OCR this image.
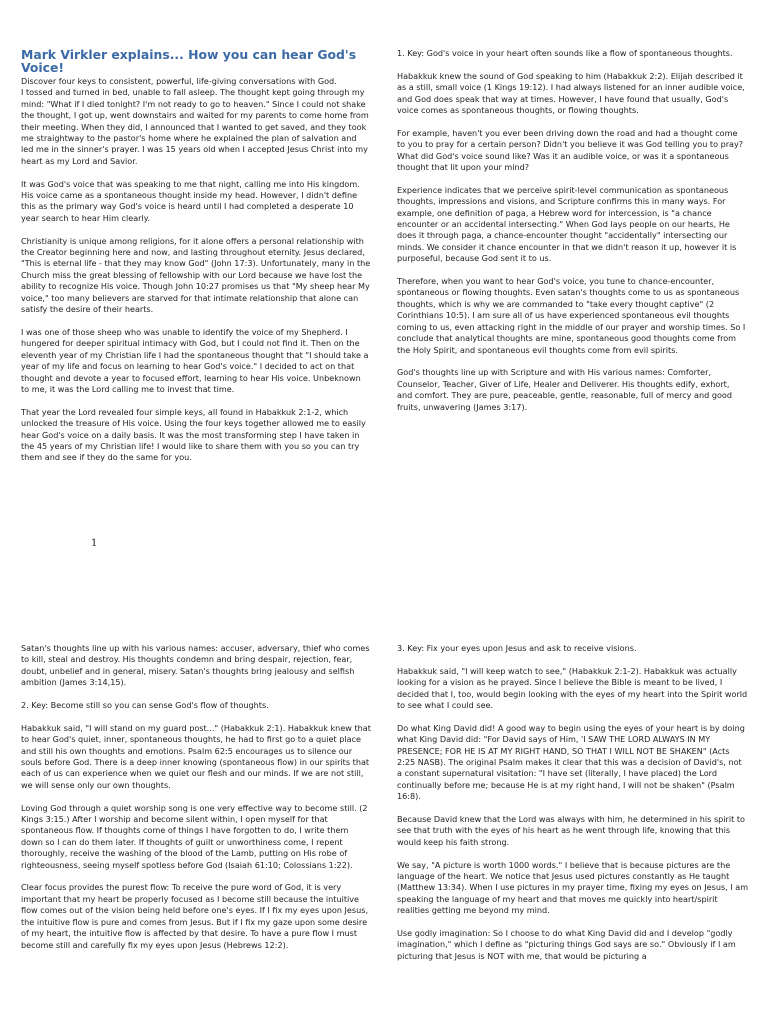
Mark Virkler explains... How you can hear God's Voice!

Discover four keys to consistent, powerful, life-giving conversations with God.
I tossed and turned in bed, unable to fall asleep. The thought kept going through my mind: "What if I died tonight? I'm not ready to go to heaven." Since I could not shake the thought, I got up, went downstairs and waited for my parents to come home from their meeting. When they did, I announced that I wanted to get saved, and they took me straightway to the pastor's home where he explained the plan of salvation and led me in the sinner's prayer. I was 15 years old when I accepted Jesus Christ into my heart as my Lord and Savior.

It was God's voice that was speaking to me that night, calling me into His kingdom. His voice came as a spontaneous thought inside my head. However, I didn't define this as the primary way God's voice is heard until I had completed a desperate 10 year search to hear Him clearly.

Christianity is unique among religions, for it alone offers a personal relationship with the Creator beginning here and now, and lasting throughout eternity. Jesus declared, "This is eternal life - that they may know God" (John 17:3). Unfortunately, many in the Church miss the great blessing of fellowship with our Lord because we have lost the ability to recognize His voice. Though John 10:27 promises us that "My sheep hear My voice," too many believers are starved for that intimate relationship that alone can satisfy the desire of their hearts.

I was one of those sheep who was unable to identify the voice of my Shepherd. I hungered for deeper spiritual intimacy with God, but I could not find it. Then on the eleventh year of my Christian life I had the spontaneous thought that "I should take a year of my life and focus on learning to hear God's voice." I decided to act on that thought and devote a year to focused effort, learning to hear His voice. Unbeknown to me, it was the Lord calling me to invest that time.

That year the Lord revealed four simple keys, all found in Habakkuk 2:1-2, which unlocked the treasure of His voice. Using the four keys together allowed me to easily hear God's voice on a daily basis. It was the most transforming step I have taken in the 45 years of my Christian life! I would like to share them with you so you can try them and see if they do the same for you.

1

1. Key: God's voice in your heart often sounds like a flow of spontaneous thoughts.

Habakkuk knew the sound of God speaking to him (Habakkuk 2:2). Elijah described it as a still, small voice (1 Kings 19:12). I had always listened for an inner audible voice, and God does speak that way at times. However, I have found that usually, God's voice comes as spontaneous thoughts, or flowing thoughts.

For example, haven't you ever been driving down the road and had a thought come to you to pray for a certain person? Didn't you believe it was God telling you to pray? What did God's voice sound like? Was it an audible voice, or was it a spontaneous thought that lit upon your mind?

Experience indicates that we perceive spirit-level communication as spontaneous thoughts, impressions and visions, and Scripture confirms this in many ways. For example, one definition of paga, a Hebrew word for intercession, is "a chance encounter or an accidental intersecting." When God lays people on our hearts, He does it through paga, a chance-encounter thought "accidentally" intersecting our minds. We consider it chance encounter in that we didn't reason it up, however it is purposeful, because God sent it to us.

Therefore, when you want to hear God's voice, you tune to chance-encounter, spontaneous or flowing thoughts. Even satan's thoughts come to us as spontaneous thoughts, which is why we are commanded to "take every thought captive" (2
Corinthians 10:5). I am sure all of us have experienced spontaneous evil thoughts coming to us, even attacking right in the middle of our prayer and worship times. So I conclude that analytical thoughts are mine, spontaneous good thoughts come from the Holy Spirit, and spontaneous evil thoughts come from evil spirits.

God's thoughts line up with Scripture and with His various names: Comforter, Counselor, Teacher, Giver of Life, Healer and Deliverer. His thoughts edify, exhort, and comfort. They are pure, peaceable, gentle, reasonable, full of mercy and good fruits, unwavering (James 3:17).

Satan's thoughts line up with his various names: accuser, adversary, thief who comes to kill, steal and destroy. His thoughts condemn and bring despair, rejection, fear, doubt, unbelief and in general, misery. Satan's thoughts bring jealousy and selfish ambition (James 3:14,15).

2. Key: Become still so you can sense God's flow of thoughts.

Habakkuk said, "I will stand on my guard post..." (Habakkuk 2:1). Habakkuk knew that to hear God's quiet, inner, spontaneous thoughts, he had to first go to a quiet place and still his own thoughts and emotions. Psalm 62:5 encourages us to silence our souls before God. There is a deep inner knowing (spontaneous flow) in our spirits that each of us can experience when we quiet our flesh and our minds. If we are not still, we will sense only our own thoughts.

Loving God through a quiet worship song is one very effective way to become still. (2 Kings 3:15.) After I worship and become silent within, I open myself for that spontaneous flow. If thoughts come of things I have forgotten to do, I write them down so I can do them later. If thoughts of guilt or unworthiness come, I repent thoroughly, receive the washing of the blood of the Lamb, putting on His robe of righteousness, seeing myself spotless before God (Isaiah 61:10; Colossians 1:22).

Clear focus provides the purest flow: To receive the pure word of God, it is very important that my heart be properly focused as I become still because the intuitive flow comes out of the vision being held before one's eyes. If I fix my eyes upon Jesus, the intuitive flow is pure and comes from Jesus. But if I fix my gaze upon some desire of my heart, the intuitive flow is affected by that desire. To have a pure flow I must become still and carefully fix my eyes upon Jesus (Hebrews 12:2).

3. Key: Fix your eyes upon Jesus and ask to receive visions.

Habakkuk said, "I will keep watch to see," (Habakkuk 2:1-2). Habakkuk was actually looking for a vision as he prayed. Since I believe the Bible is meant to be lived, I decided that I, too, would begin looking with the eyes of my heart into the Spirit world to see what I could see.

Do what King David did! A good way to begin using the eyes of your heart is by doing what King David did: "For David says of Him, 'I SAW THE LORD ALWAYS IN MY
PRESENCE; FOR HE IS AT MY RIGHT HAND, SO THAT I WILL NOT BE SHAKEN" (Acts 2:25 NASB). The original Psalm makes it clear that this was a decision of David's, not a constant supernatural visitation: "I have set (literally, I have placed) the Lord continually before me; because He is at my right hand, I will not be shaken" (Psalm 16:8).

Because David knew that the Lord was always with him, he determined in his spirit to see that truth with the eyes of his heart as he went through life, knowing that this would keep his faith strong.

We say, "A picture is worth 1000 words." I believe that is because pictures are the language of the heart. We notice that Jesus used pictures constantly as He taught (Matthew 13:34). When I use pictures in my prayer time, fixing my eyes on Jesus, I am speaking the language of my heart and that moves me quickly into heart/spirit realities getting me beyond my mind.

Use godly imagination: So I choose to do what King David did and I develop "godly imagination," which I define as "picturing things God says are so." Obviously if I am picturing that Jesus is NOT with me, that would be picturing a
